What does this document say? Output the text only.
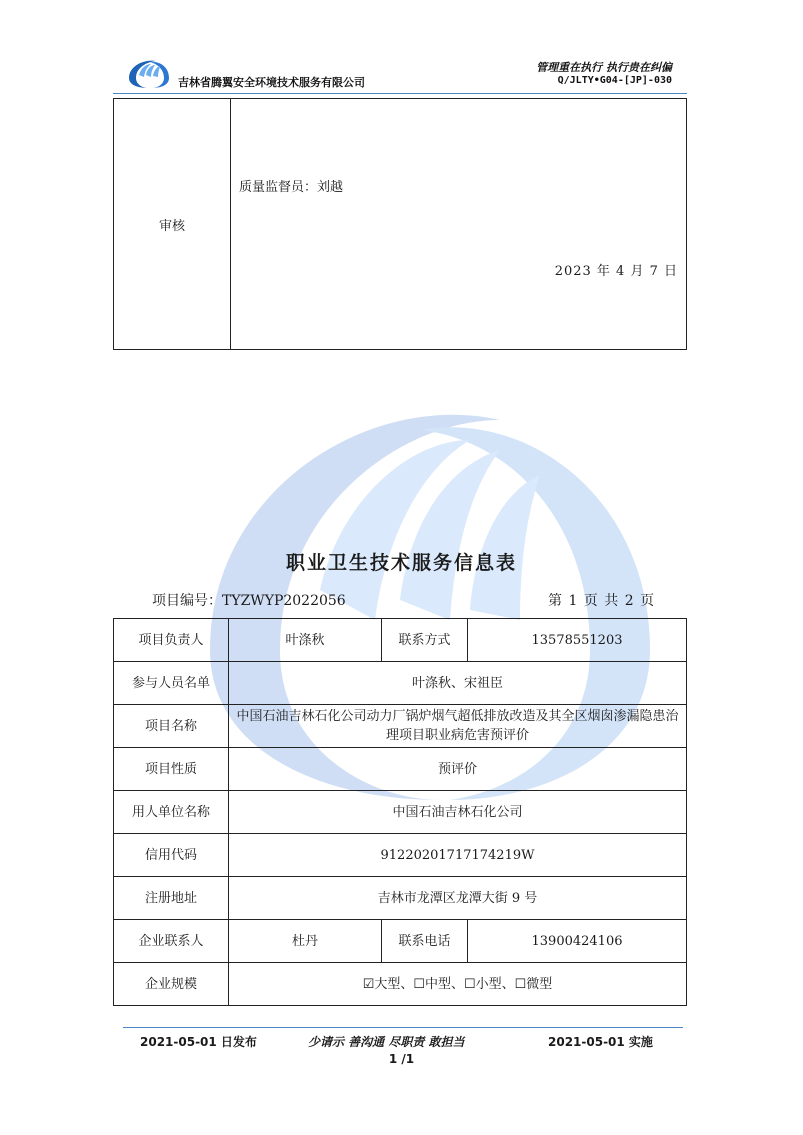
吉林省腾翼安全环境技术服务有限公司
管理重在执行 执行贵在纠偏
Q/JLTY•G04-[JP]-030
审核	
质量监督员：刘越
2023 年 4 月 7 日
职业卫生技术服务信息表
项目编号：TYZWYP2022056	第 1 页 共 2 页
项目负责人	叶涤秋	联系方式	13578551203
参与人员名单	叶涤秋、宋祖臣		
项目名称	中国石油吉林石化公司动力厂锅炉烟气超低排放改造及其全区烟囱渗漏隐患治理项目职业病危害预评价		
项目性质	预评价		
用人单位名称	中国石油吉林石化公司		
信用代码	91220201717174219W		
注册地址	吉林市龙潭区龙潭大街 9 号		
企业联系人	杜丹	联系电话	13900424106
企业规模	☑大型、☐中型、☐小型、☐微型		
2021-05-01 日发布	少请示 善沟通 尽职责 敢担当	2021-05-01 实施
1 /1
